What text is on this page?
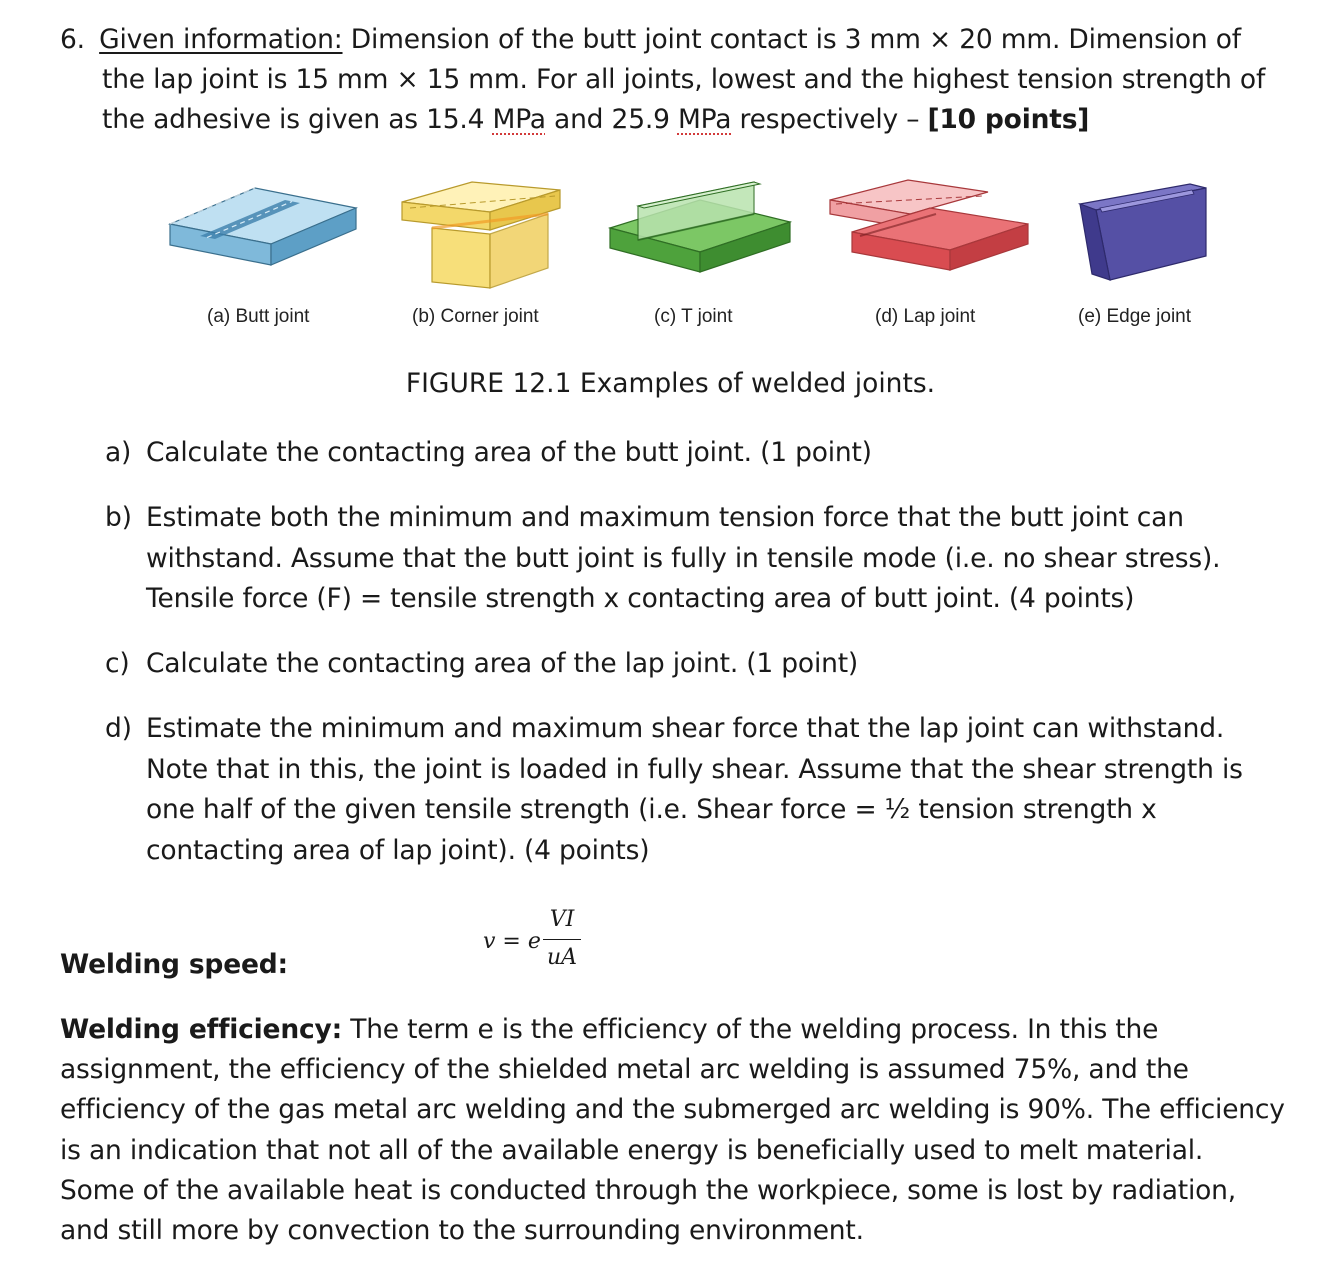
6. Given information: Dimension of the butt joint contact is 3 mm × 20 mm. Dimension of
the lap joint is 15 mm × 15 mm. For all joints, lowest and the highest tension strength of
the adhesive is given as 15.4 MPa and 25.9 MPa respectively – [10 points]
(a) Butt joint	(b) Corner joint	(c) T joint	(d) Lap joint	(e) Edge joint
FIGURE 12.1 Examples of welded joints.
a) Calculate the contacting area of the butt joint. (1 point)
b) Estimate both the minimum and maximum tension force that the butt joint can
withstand. Assume that the butt joint is fully in tensile mode (i.e. no shear stress).
Tensile force (F) = tensile strength x contacting area of butt joint. (4 points)
c) Calculate the contacting area of the lap joint. (1 point)
d) Estimate the minimum and maximum shear force that the lap joint can withstand.
Note that in this, the joint is loaded in fully shear. Assume that the shear strength is
one half of the given tensile strength (i.e. Shear force = ½ tension strength x
contacting area of lap joint). (4 points)
Welding speed:
v = e
VI
uA
Welding efficiency: The term e is the efficiency of the welding process. In this the
assignment, the efficiency of the shielded metal arc welding is assumed 75%, and the
efficiency of the gas metal arc welding and the submerged arc welding is 90%. The efficiency
is an indication that not all of the available energy is beneficially used to melt material.
Some of the available heat is conducted through the workpiece, some is lost by radiation,
and still more by convection to the surrounding environment.
